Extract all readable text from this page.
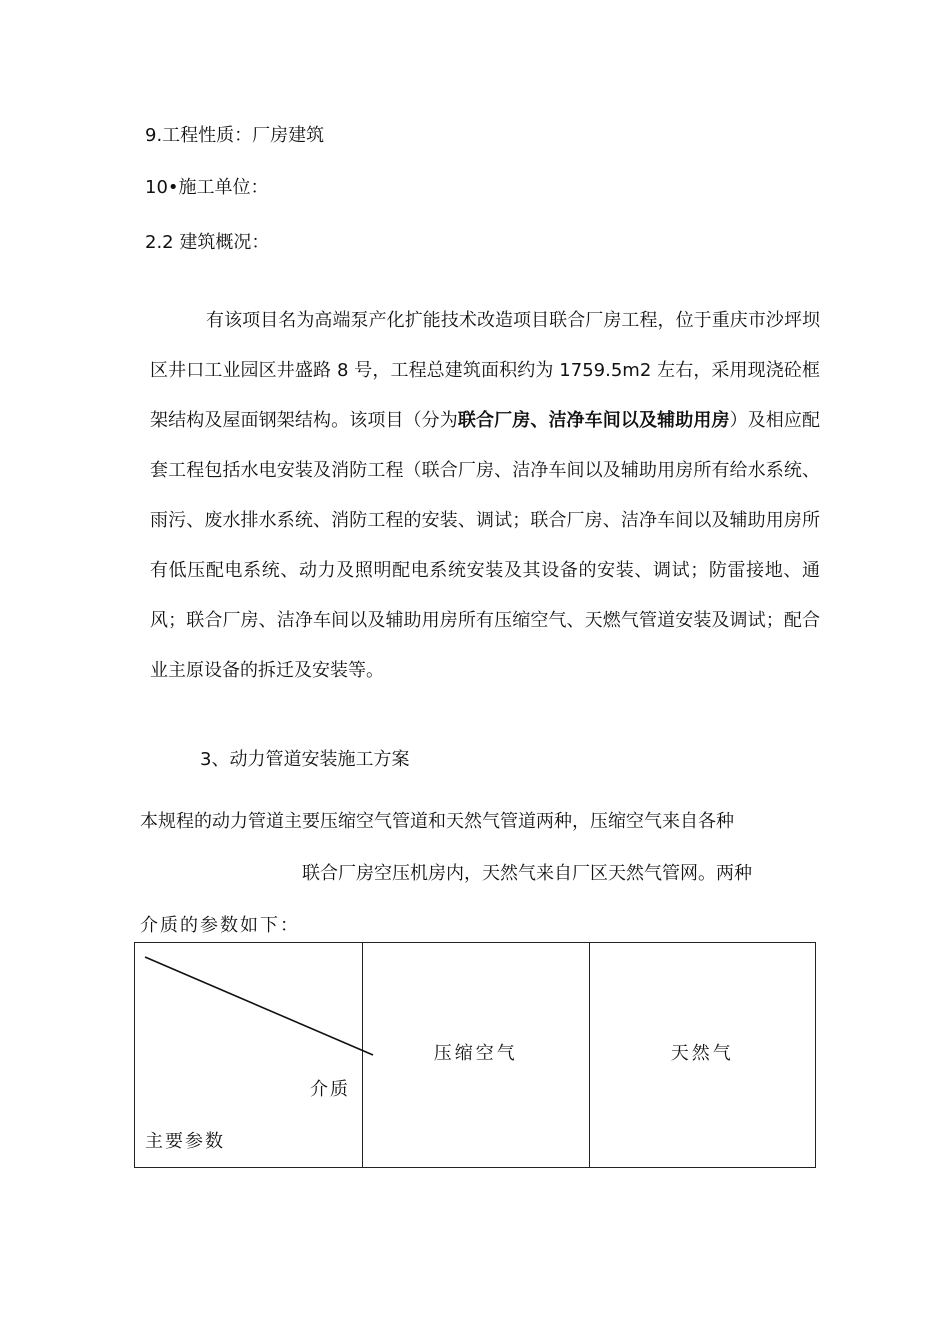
9.工程性质：厂房建筑
10•施工单位：
2.2 建筑概况：
有该项目名为高端泵产化扩能技术改造项目联合厂房工程，位于重庆市沙坪坝区井口工业园区井盛路 8 号，工程总建筑面积约为 1759.5m2 左右，采用现浇砼框架结构及屋面钢架结构。该项目（分为联合厂房、洁净车间以及辅助用房）及相应配套工程包括水电安装及消防工程（联合厂房、洁净车间以及辅助用房所有给水系统、雨污、废水排水系统、消防工程的安装、调试；联合厂房、洁净车间以及辅助用房所有低压配电系统、动力及照明配电系统安装及其设备的安装、调试；防雷接地、通风；联合厂房、洁净车间以及辅助用房所有压缩空气、天燃气管道安装及调试；配合业主原设备的拆迁及安装等。
3、动力管道安装施工方案
本规程的动力管道主要压缩空气管道和天然气管道两种，压缩空气来自各种
联合厂房空压机房内，天然气来自厂区天然气管网。两种
介质的参数如下：
介质
主要参数
	压缩空气	天然气
